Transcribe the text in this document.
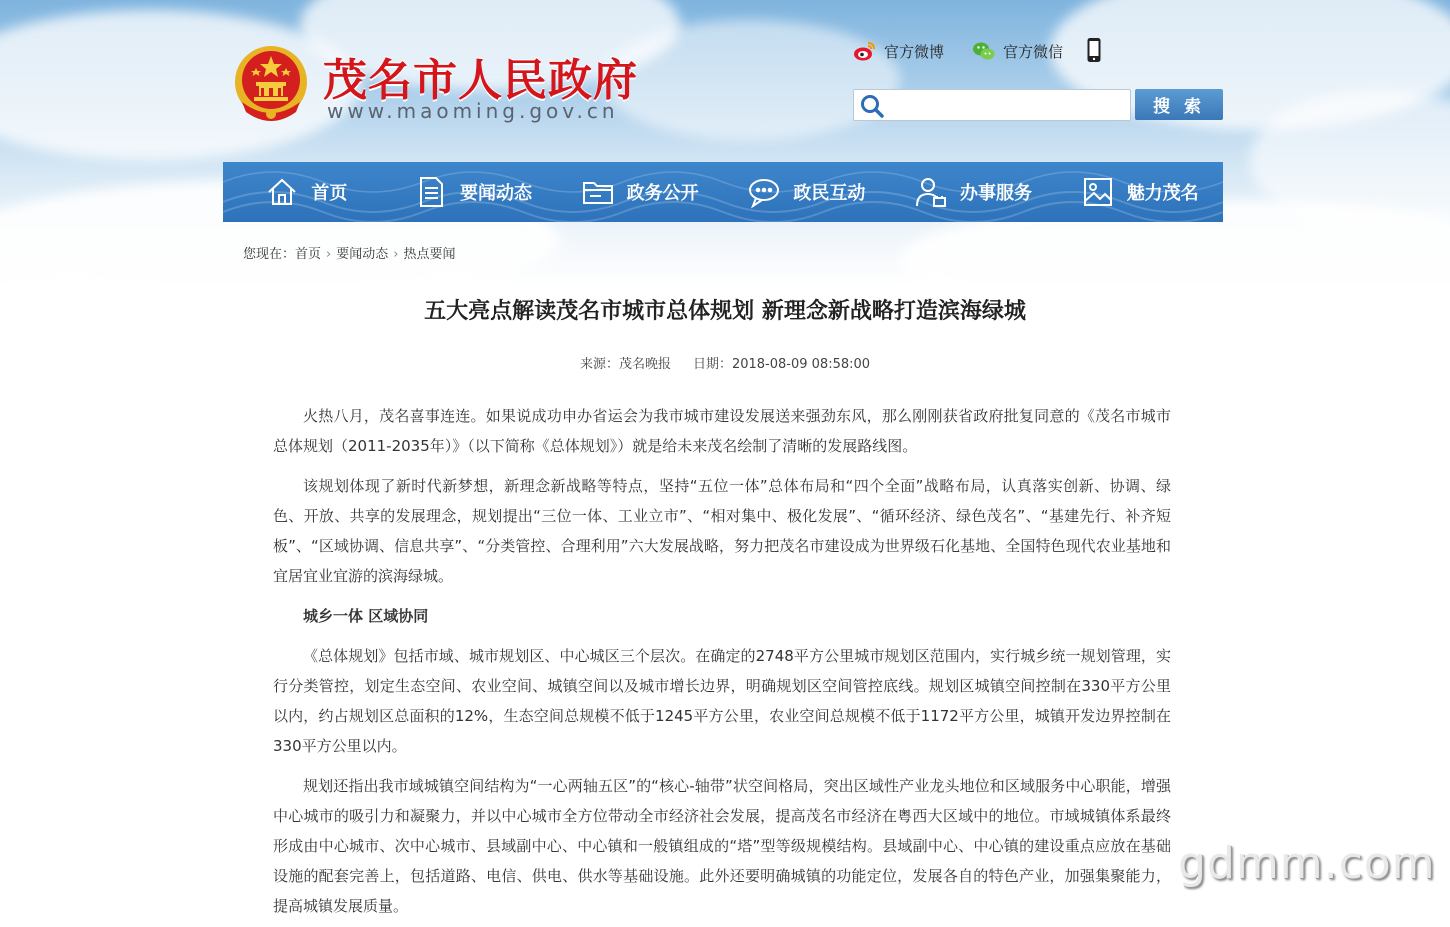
茂名市人民政府
www.maoming.gov.cn
官方微博	官方微信
搜 索
首页	要闻动态	政务公开	政民互动	办事服务	魅力茂名
您现在：首页 › 要闻动态 › 热点要闻
五大亮点解读茂名市城市总体规划 新理念新战略打造滨海绿城
来源：茂名晚报 日期：2018-08-09 08:58:00

火热八月，茂名喜事连连。如果说成功申办省运会为我市城市建设发展送来强劲东风，那么刚刚获省政府批复同意的《茂名市城市总体规划（2011-2035年）》（以下简称《总体规划》）就是给未来茂名绘制了清晰的发展路线图。

该规划体现了新时代新梦想，新理念新战略等特点，坚持“五位一体”总体布局和“四个全面”战略布局，认真落实创新、协调、绿色、开放、共享的发展理念，规划提出“三位一体、工业立市”、“相对集中、极化发展”、“循环经济、绿色茂名”、“基建先行、补齐短板”、“区域协调、信息共享”、“分类管控、合理利用”六大发展战略，努力把茂名市建设成为世界级石化基地、全国特色现代农业基地和宜居宜业宜游的滨海绿城。

城乡一体 区域协同

《总体规划》包括市域、城市规划区、中心城区三个层次。在确定的2748平方公里城市规划区范围内，实行城乡统一规划管理，实行分类管控，划定生态空间、农业空间、城镇空间以及城市增长边界，明确规划区空间管控底线。规划区城镇空间控制在330平方公里以内，约占规划区总面积的12%，生态空间总规模不低于1245平方公里，农业空间总规模不低于1172平方公里，城镇开发边界控制在330平方公里以内。

规划还指出我市域城镇空间结构为“一心两轴五区”的“核心-轴带”状空间格局，突出区域性产业龙头地位和区域服务中心职能，增强中心城市的吸引力和凝聚力，并以中心城市全方位带动全市经济社会发展，提高茂名市经济在粤西大区域中的地位。市域城镇体系最终形成由中心城市、次中心城市、县域副中心、中心镇和一般镇组成的“塔”型等级规模结构。县域副中心、中心镇的建设重点应放在基础设施的配套完善上，包括道路、电信、供电、供水等基础设施。此外还要明确城镇的功能定位，发展各自的特色产业，加强集聚能力，提高城镇发展质量。

gdmm.com
